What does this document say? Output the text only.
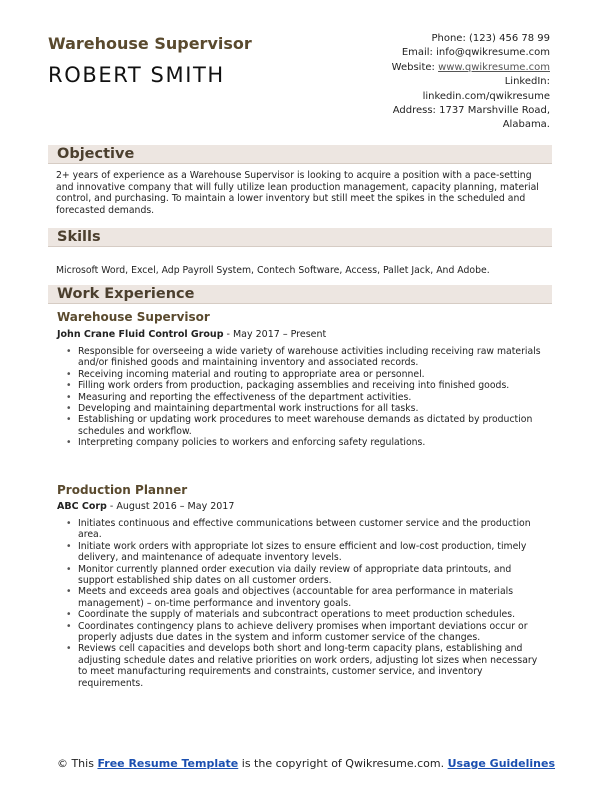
Warehouse Supervisor
ROBERT SMITH
Phone: (123) 456 78 99
Email: info@qwikresume.com
Website: www.qwikresume.com
LinkedIn:
linkedin.com/qwikresume
Address: 1737 Marshville Road,
Alabama.
Objective
2+ years of experience as a Warehouse Supervisor is looking to acquire a position with a pace-setting and innovative company that will fully utilize lean production management, capacity planning, material control, and purchasing. To maintain a lower inventory but still meet the spikes in the scheduled and forecasted demands.
Skills
Microsoft Word, Excel, Adp Payroll System, Contech Software, Access, Pallet Jack, And Adobe.
Work Experience
Warehouse Supervisor
John Crane Fluid Control Group - May 2017 – Present
• Responsible for overseeing a wide variety of warehouse activities including receiving raw materials and/or finished goods and maintaining inventory and associated records.
• Receiving incoming material and routing to appropriate area or personnel.
• Filling work orders from production, packaging assemblies and receiving into finished goods.
• Measuring and reporting the effectiveness of the department activities.
• Developing and maintaining departmental work instructions for all tasks.
• Establishing or updating work procedures to meet warehouse demands as dictated by production schedules and workflow.
• Interpreting company policies to workers and enforcing safety regulations.
Production Planner
ABC Corp - August 2016 – May 2017
• Initiates continuous and effective communications between customer service and the production area.
• Initiate work orders with appropriate lot sizes to ensure efficient and low-cost production, timely delivery, and maintenance of adequate inventory levels.
• Monitor currently planned order execution via daily review of appropriate data printouts, and support established ship dates on all customer orders.
• Meets and exceeds area goals and objectives (accountable for area performance in materials management) – on-time performance and inventory goals.
• Coordinate the supply of materials and subcontract operations to meet production schedules.
• Coordinates contingency plans to achieve delivery promises when important deviations occur or properly adjusts due dates in the system and inform customer service of the changes.
• Reviews cell capacities and develops both short and long-term capacity plans, establishing and adjusting schedule dates and relative priorities on work orders, adjusting lot sizes when necessary to meet manufacturing requirements and constraints, customer service, and inventory requirements.
© This Free Resume Template is the copyright of Qwikresume.com. Usage Guidelines
